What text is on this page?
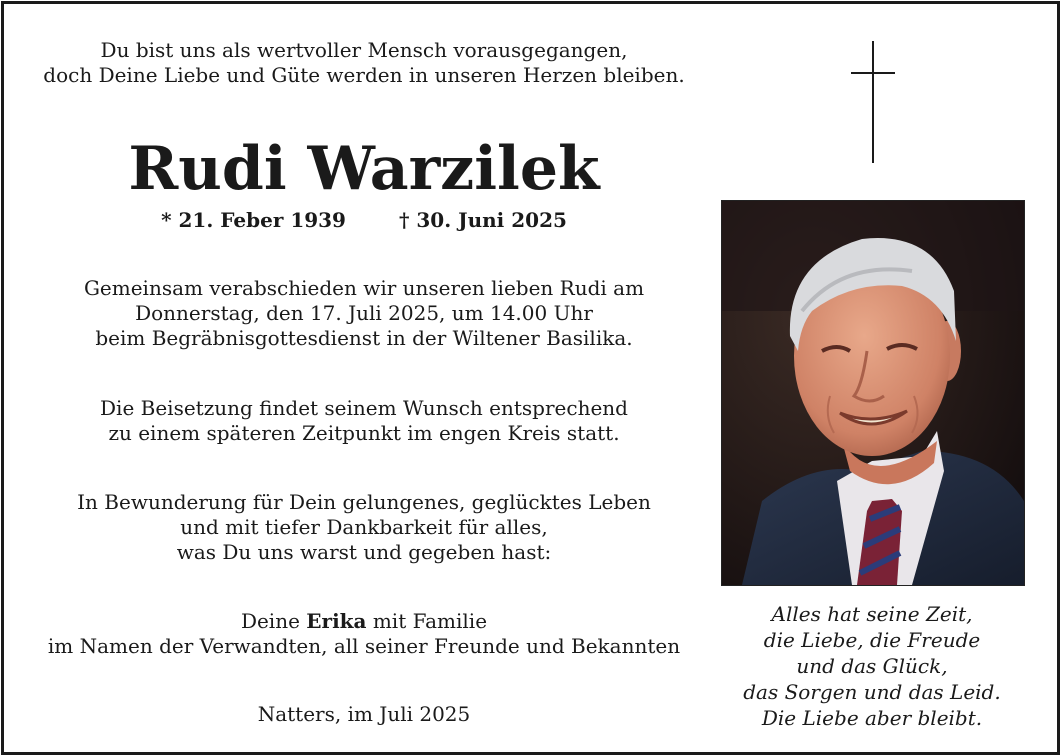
Du bist uns als wertvoller Mensch vorausgegangen,
doch Deine Liebe und Güte werden in unseren Herzen bleiben.
Rudi Warzilek
* 21. Feber 1939	† 30. Juni 2025
Gemeinsam verabschieden wir unseren lieben Rudi am
Donnerstag, den 17. Juli 2025, um 14.00 Uhr
beim Begräbnisgottesdienst in der Wiltener Basilika.
Die Beisetzung findet seinem Wunsch entsprechend
zu einem späteren Zeitpunkt im engen Kreis statt.
In Bewunderung für Dein gelungenes, geglücktes Leben
und mit tiefer Dankbarkeit für alles,
was Du uns warst und gegeben hast:
Deine Erika mit Familie
im Namen der Verwandten, all seiner Freunde und Bekannten
Natters, im Juli 2025
Alles hat seine Zeit,
die Liebe, die Freude
und das Glück,
das Sorgen und das Leid.
Die Liebe aber bleibt.
